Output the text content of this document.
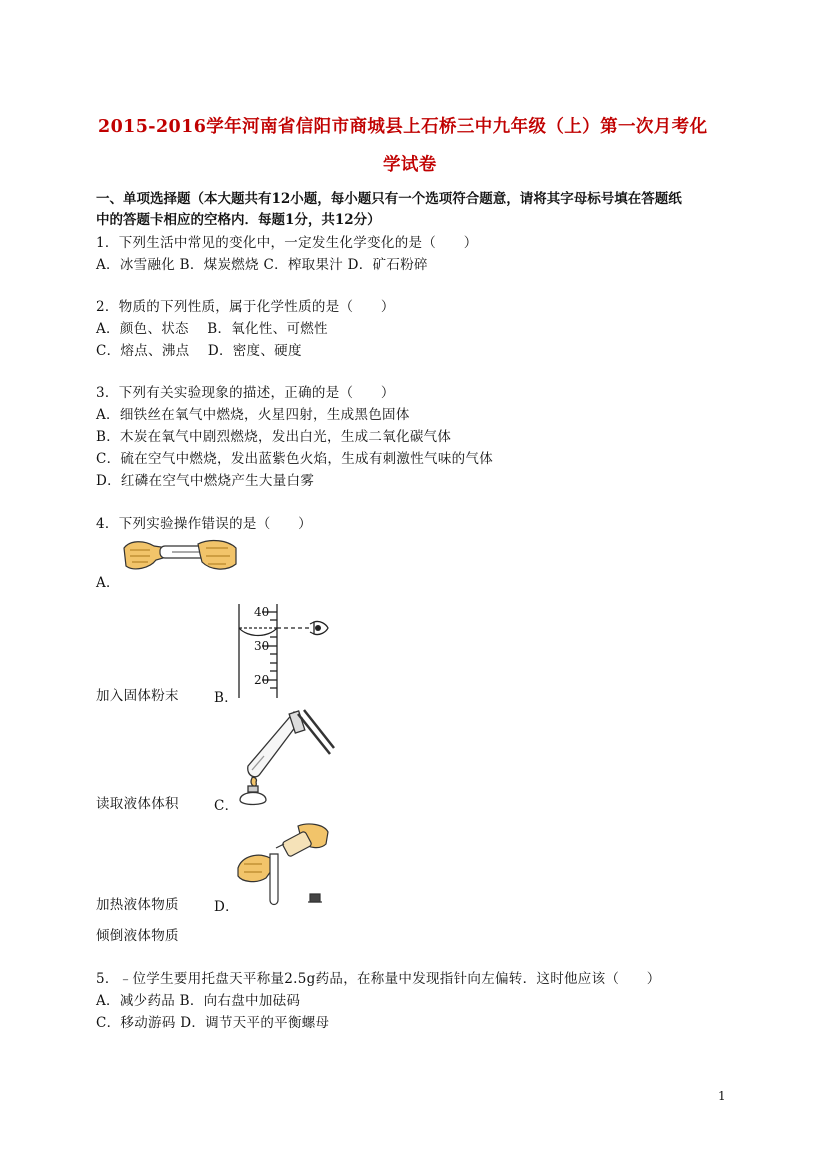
2015-2016学年河南省信阳市商城县上石桥三中九年级（上）第一次月考化
学试卷
一、单项选择题（本大题共有12小题，每小题只有一个选项符合题意，请将其字母标号填在答题纸
中的答题卡相应的空格内．每题1分，共12分）
1．下列生活中常见的变化中，一定发生化学变化的是（　　）
A．冰雪融化 B．煤炭燃烧 C．榨取果汁 D．矿石粉碎
2．物质的下列性质，属于化学性质的是（　　）
A．颜色、状态　 B．氧化性、可燃性
C．熔点、沸点　 D．密度、硬度
3．下列有关实验现象的描述，正确的是（　　）
A．细铁丝在氧气中燃烧，火星四射，生成黑色固体
B．木炭在氧气中剧烈燃烧，发出白光，生成二氧化碳气体
C．硫在空气中燃烧，发出蓝紫色火焰，生成有刺激性气味的气体
D．红磷在空气中燃烧产生大量白雾
4．下列实验操作错误的是（　　）
A．
40
30
20
加入固体粉末	B．
读取液体体积	C．
加热液体物质	D．
倾倒液体物质
5．﹣位学生要用托盘天平称量2.5g药品，在称量中发现指针向左偏转．这时他应该（　　）
A．减少药品 B．向右盘中加砝码
C．移动游码 D．调节天平的平衡螺母
1
